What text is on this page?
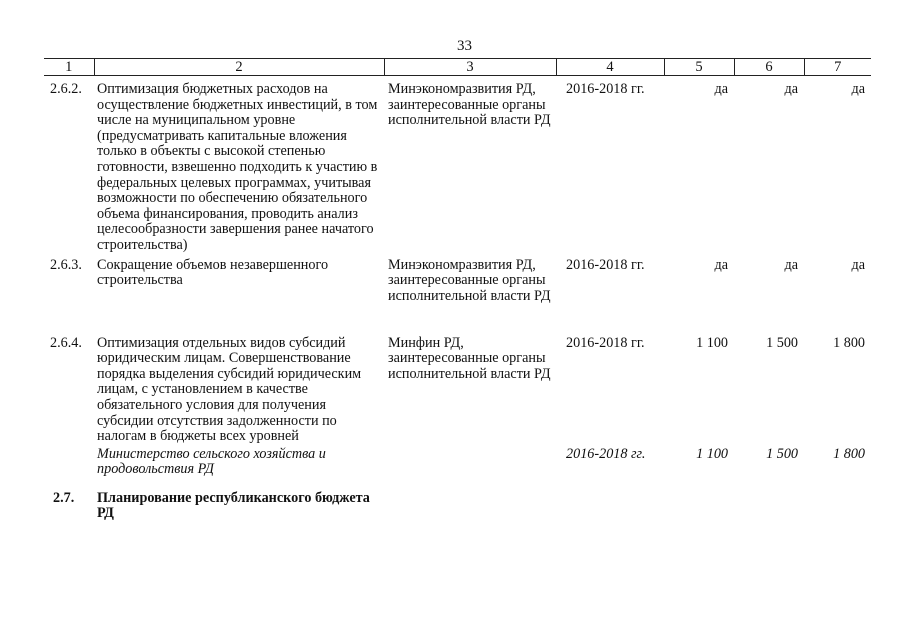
33
1	2	3	4	5	6	7
2.6.2.	Оптимизация бюджетных расходов на осуществление бюджетных инвестиций, в том числе на муниципальном уровне (предусматривать капитальные вложения только в объекты с высокой степенью готовности, взвешенно подходить к участию в федеральных целевых программах, учитывая возможности по обеспечению обязательного объема финансирования, проводить анализ целесообразности завершения ранее начатого строительства)	Минэкономразвития РД, заинтересованные органы исполнительной власти РД	2016-2018 гг.	да	да	да
2.6.3.	Сокращение объемов незавершенного строительства	Минэкономразвития РД, заинтересованные органы исполнительной власти РД	2016-2018 гг.	да	да	да
2.6.4.	Оптимизация отдельных видов субсидий юридическим лицам. Совершенствование порядка выделения субсидий юридическим лицам, с установлением в качестве обязательного условия для получения субсидии отсутствия задолженности по налогам в бюджеты всех уровней	Минфин РД, заинтересованные органы исполнительной власти РД	2016-2018 гг.	1 100	1 500	1 800
	Министерство сельского хозяйства и продовольствия РД		2016-2018 гг.	1 100	1 500	1 800
2.7.	Планирование республиканского бюджета РД					
